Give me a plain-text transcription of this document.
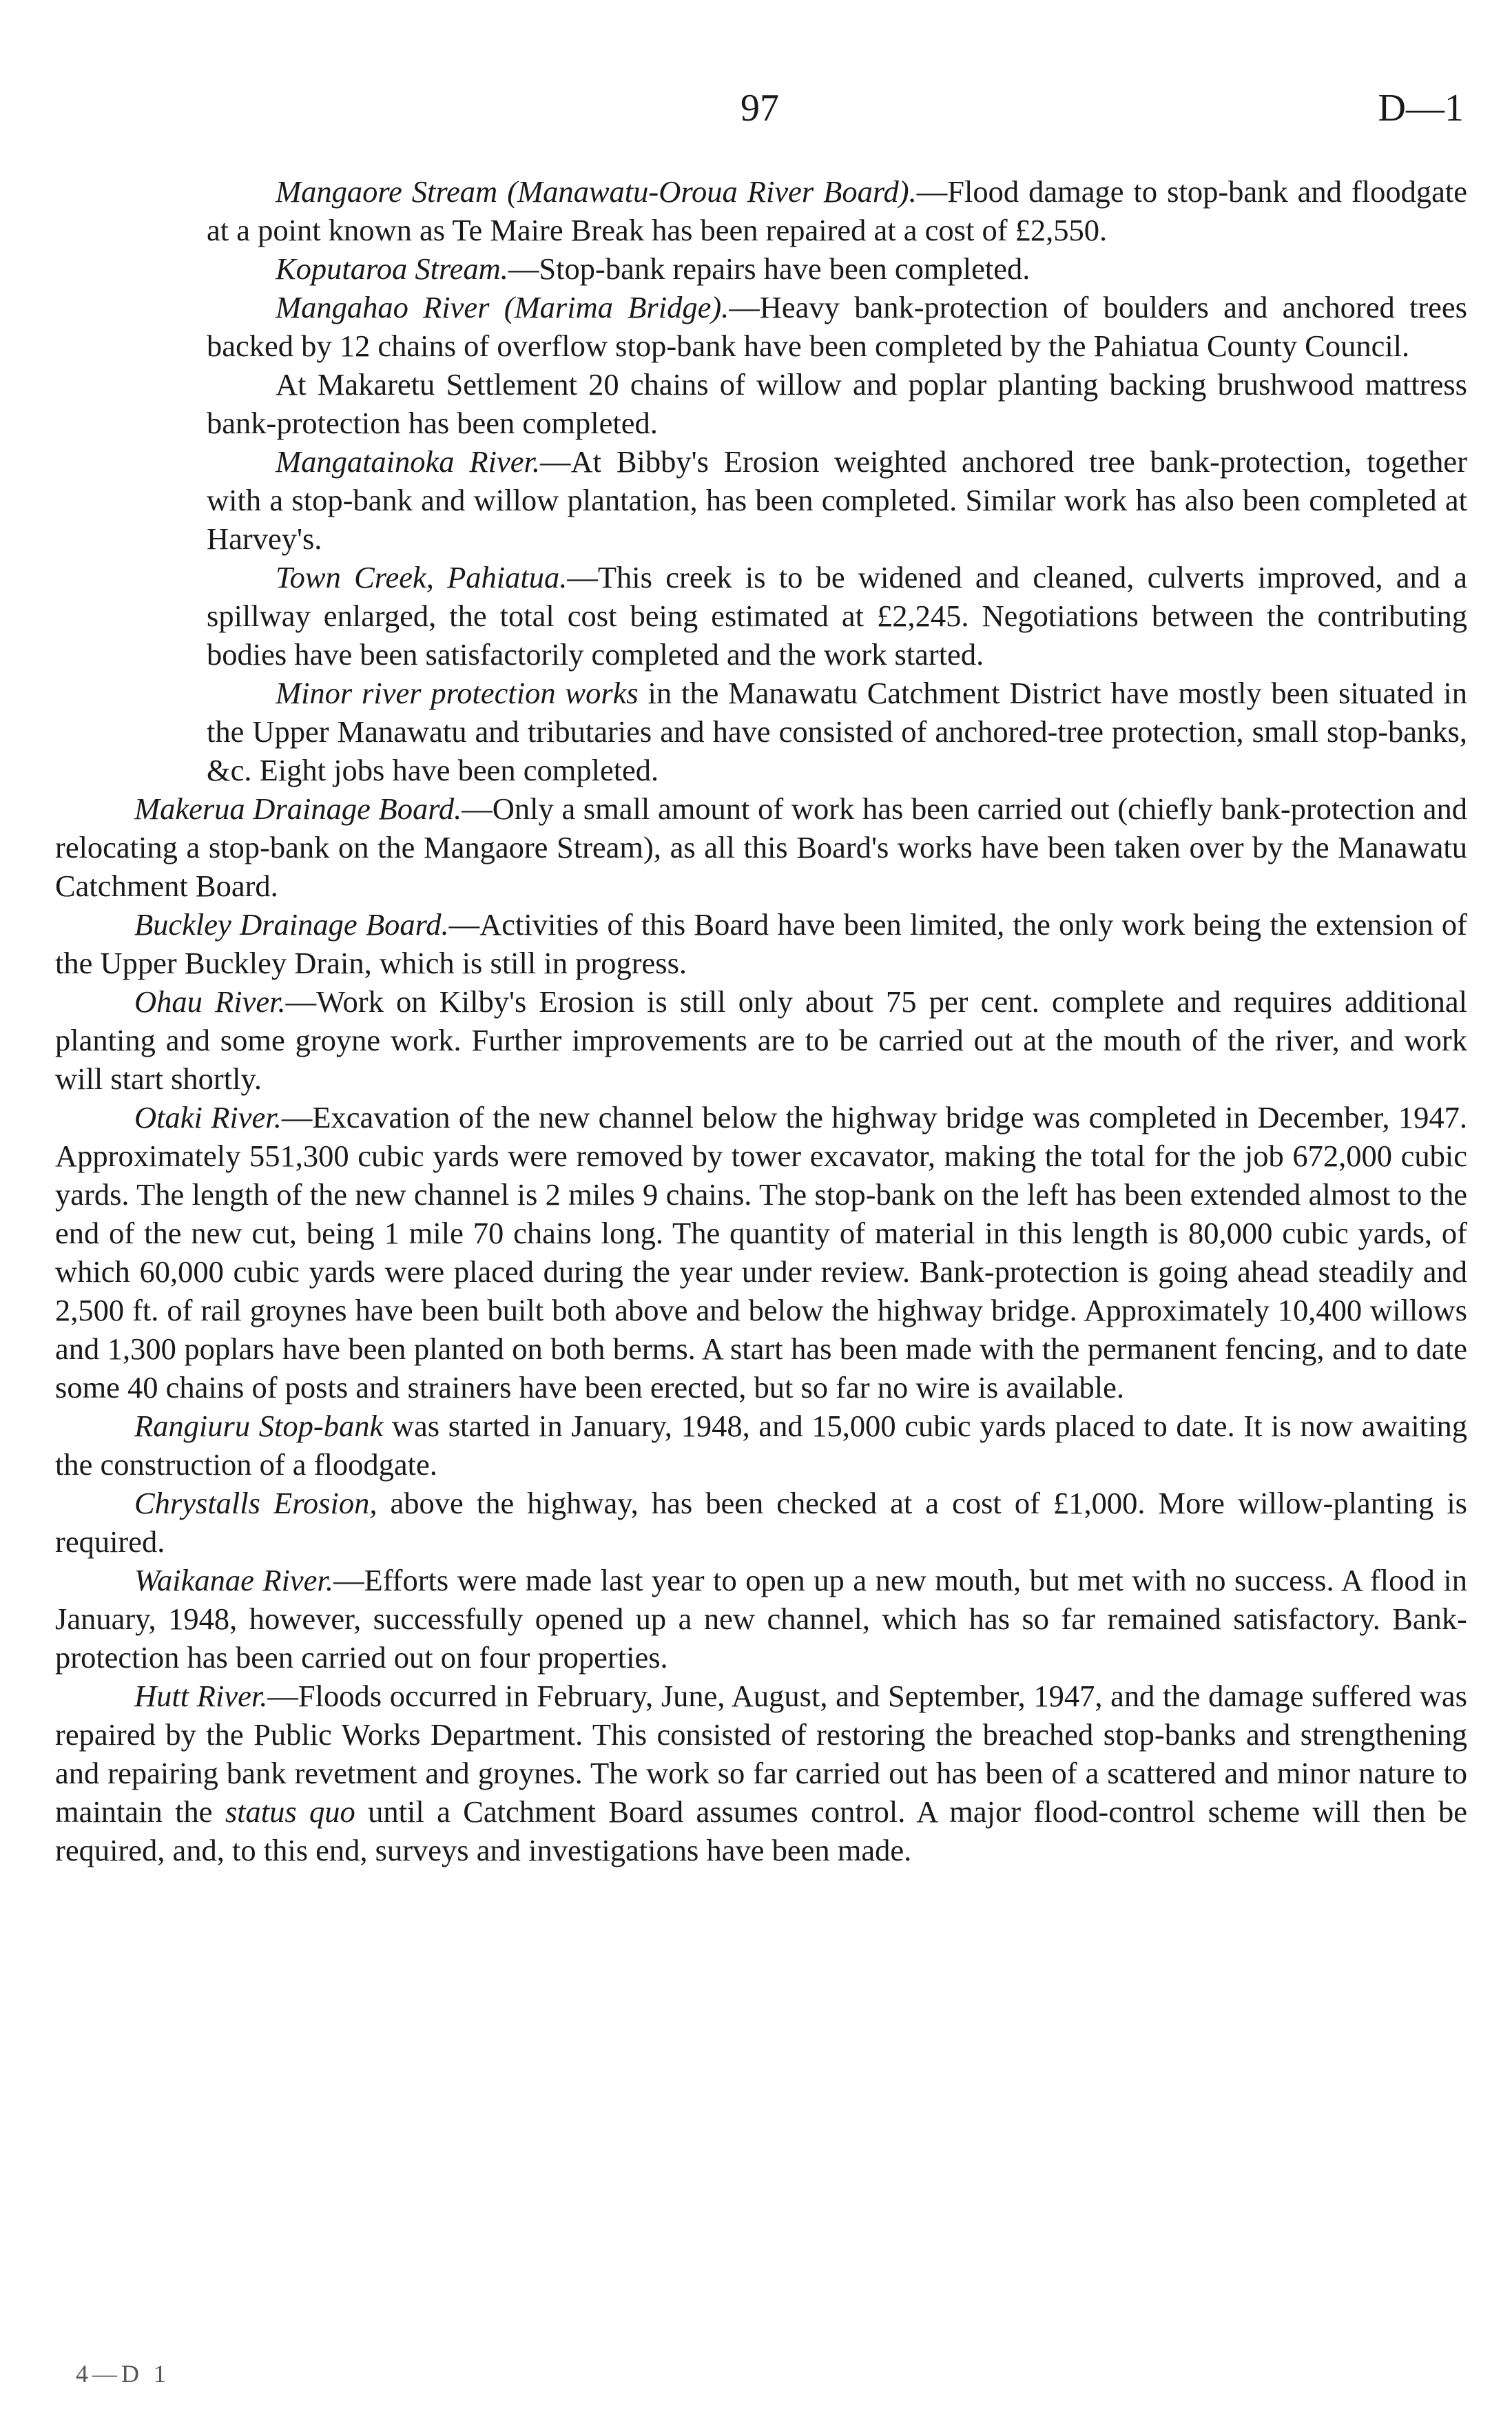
97	D—1

Mangaore Stream (Manawatu-Oroua River Board).—Flood damage to stop-bank and floodgate at a point known as Te Maire Break has been repaired at a cost of £2,550.

Koputaroa Stream.—Stop-bank repairs have been completed.

Mangahao River (Marima Bridge).—Heavy bank-protection of boulders and anchored trees backed by 12 chains of overflow stop-bank have been completed by the Pahiatua County Council.

At Makaretu Settlement 20 chains of willow and poplar planting backing brushwood mattress bank-protection has been completed.

Mangatainoka River.—At Bibby's Erosion weighted anchored tree bank-protection, together with a stop-bank and willow plantation, has been completed. Similar work has also been completed at Harvey's.

Town Creek, Pahiatua.—This creek is to be widened and cleaned, culverts improved, and a spillway enlarged, the total cost being estimated at £2,245. Negotiations between the contributing bodies have been satisfactorily completed and the work started.

Minor river protection works in the Manawatu Catchment District have mostly been situated in the Upper Manawatu and tributaries and have consisted of anchored-tree protection, small stop-banks, &c. Eight jobs have been completed.

Makerua Drainage Board.—Only a small amount of work has been carried out (chiefly bank-protection and relocating a stop-bank on the Mangaore Stream), as all this Board's works have been taken over by the Manawatu Catchment Board.

Buckley Drainage Board.—Activities of this Board have been limited, the only work being the extension of the Upper Buckley Drain, which is still in progress.

Ohau River.—Work on Kilby's Erosion is still only about 75 per cent. complete and requires additional planting and some groyne work. Further improvements are to be carried out at the mouth of the river, and work will start shortly.

Otaki River.—Excavation of the new channel below the highway bridge was completed in December, 1947. Approximately 551,300 cubic yards were removed by tower excavator, making the total for the job 672,000 cubic yards. The length of the new channel is 2 miles 9 chains. The stop-bank on the left has been extended almost to the end of the new cut, being 1 mile 70 chains long. The quantity of material in this length is 80,000 cubic yards, of which 60,000 cubic yards were placed during the year under review. Bank-protection is going ahead steadily and 2,500 ft. of rail groynes have been built both above and below the highway bridge. Approximately 10,400 willows and 1,300 poplars have been planted on both berms. A start has been made with the permanent fencing, and to date some 40 chains of posts and strainers have been erected, but so far no wire is available.

Rangiuru Stop-bank was started in January, 1948, and 15,000 cubic yards placed to date. It is now awaiting the construction of a floodgate.

Chrystalls Erosion, above the highway, has been checked at a cost of £1,000. More willow-planting is required.

Waikanae River.—Efforts were made last year to open up a new mouth, but met with no success. A flood in January, 1948, however, successfully opened up a new channel, which has so far remained satisfactory. Bank-protection has been carried out on four properties.

Hutt River.—Floods occurred in February, June, August, and September, 1947, and the damage suffered was repaired by the Public Works Department. This consisted of restoring the breached stop-banks and strengthening and repairing bank revetment and groynes. The work so far carried out has been of a scattered and minor nature to maintain the status quo until a Catchment Board assumes control. A major flood-control scheme will then be required, and, to this end, surveys and investigations have been made.

4—D 1
